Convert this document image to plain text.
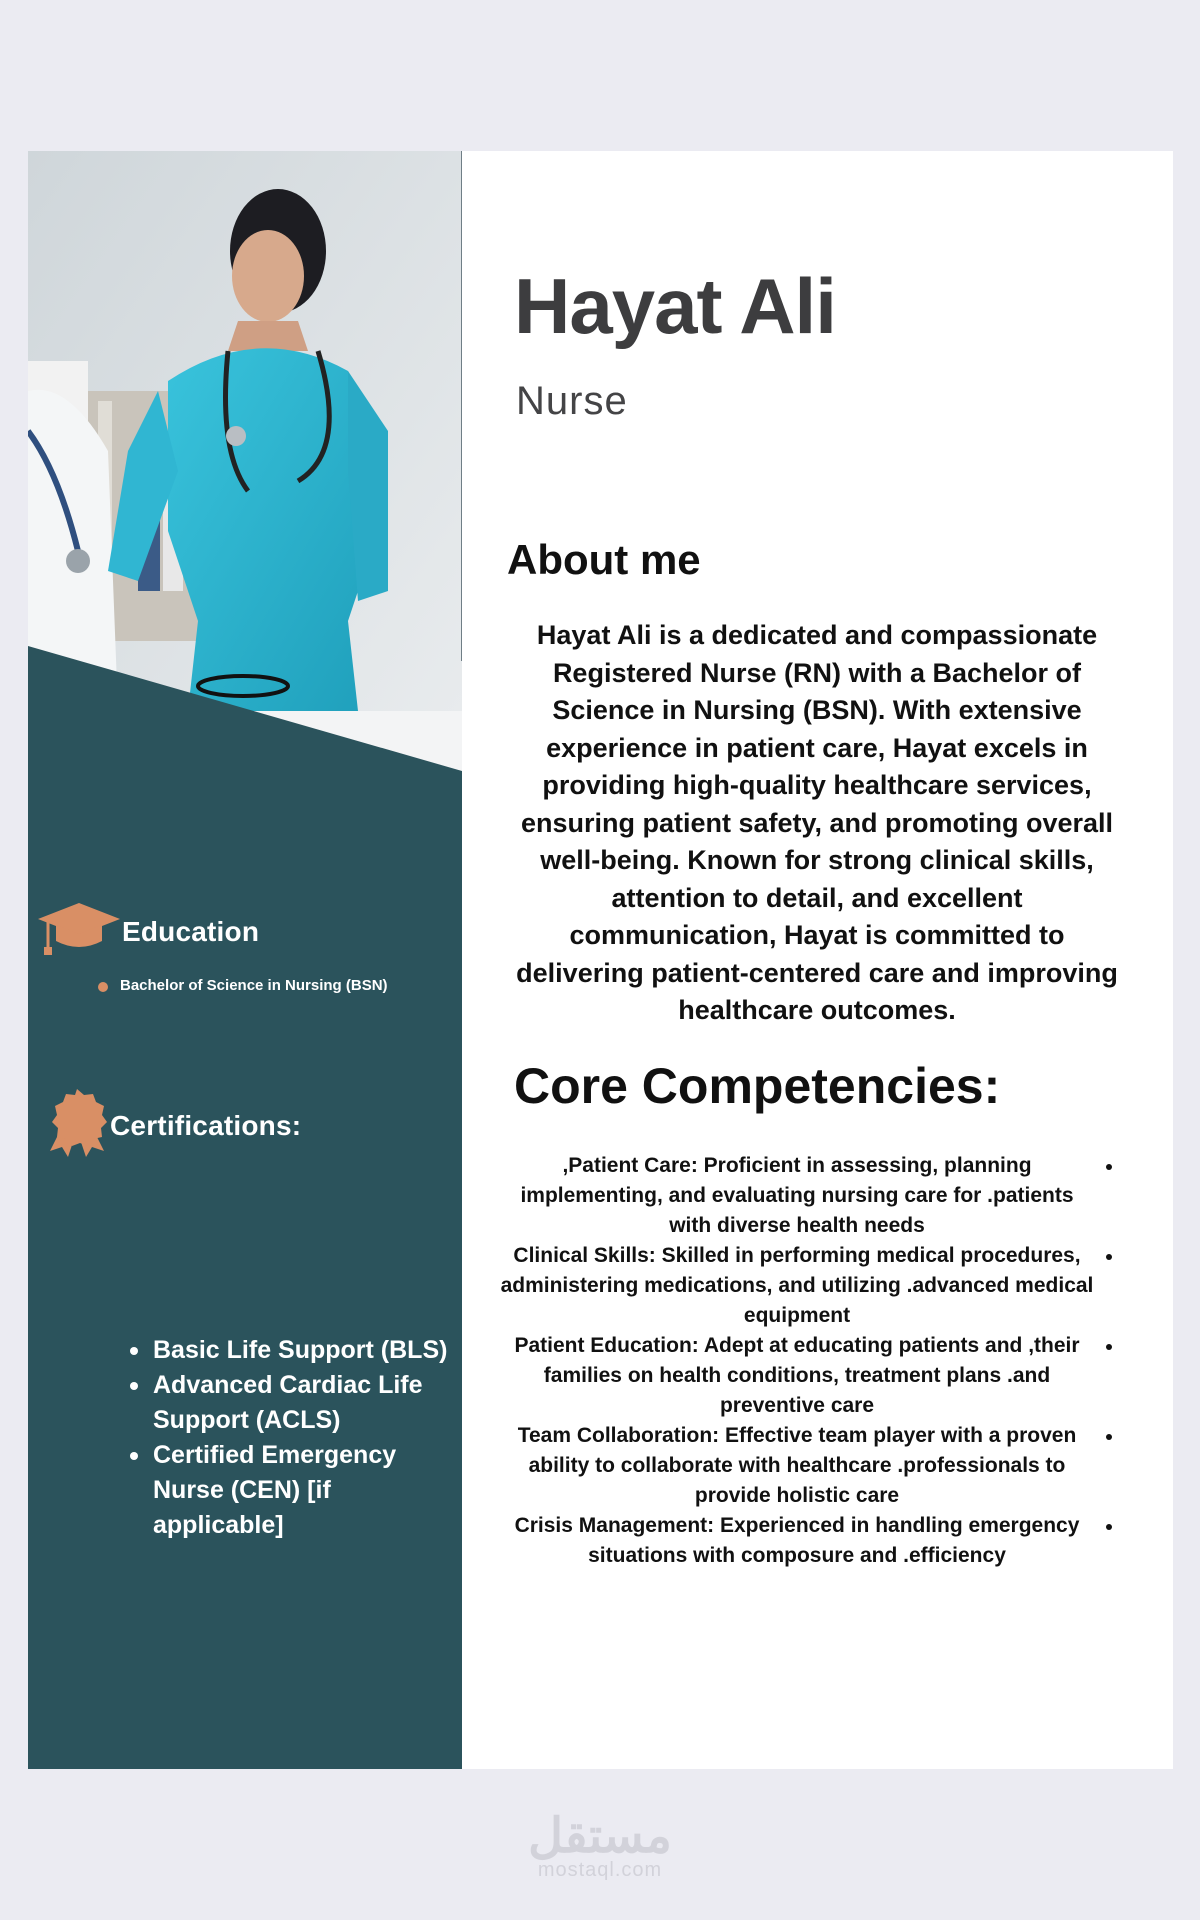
Education
Bachelor of Science in Nursing (BSN)
Certifications:
Basic Life Support (BLS)
Advanced Cardiac Life Support (ACLS)
Certified Emergency Nurse (CEN) [if applicable]
Hayat Ali
Nurse
About me

Hayat Ali is a dedicated and compassionate Registered Nurse (RN) with a Bachelor of Science in Nursing (BSN). With extensive experience in patient care, Hayat excels in providing high-quality healthcare services, ensuring patient safety, and promoting overall well-being. Known for strong clinical skills, attention to detail, and excellent communication, Hayat is committed to delivering patient-centered care and improving healthcare outcomes.

Core Competencies:
,Patient Care: Proficient in assessing, planning implementing, and evaluating nursing care for .patients with diverse health needs
Clinical Skills: Skilled in performing medical procedures, administering medications, and utilizing .advanced medical equipment
Patient Education: Adept at educating patients and ,their families on health conditions, treatment plans .and preventive care
Team Collaboration: Effective team player with a proven ability to collaborate with healthcare .professionals to provide holistic care
Crisis Management: Experienced in handling emergency situations with composure and .efficiency
مستقل
mostaql.com
